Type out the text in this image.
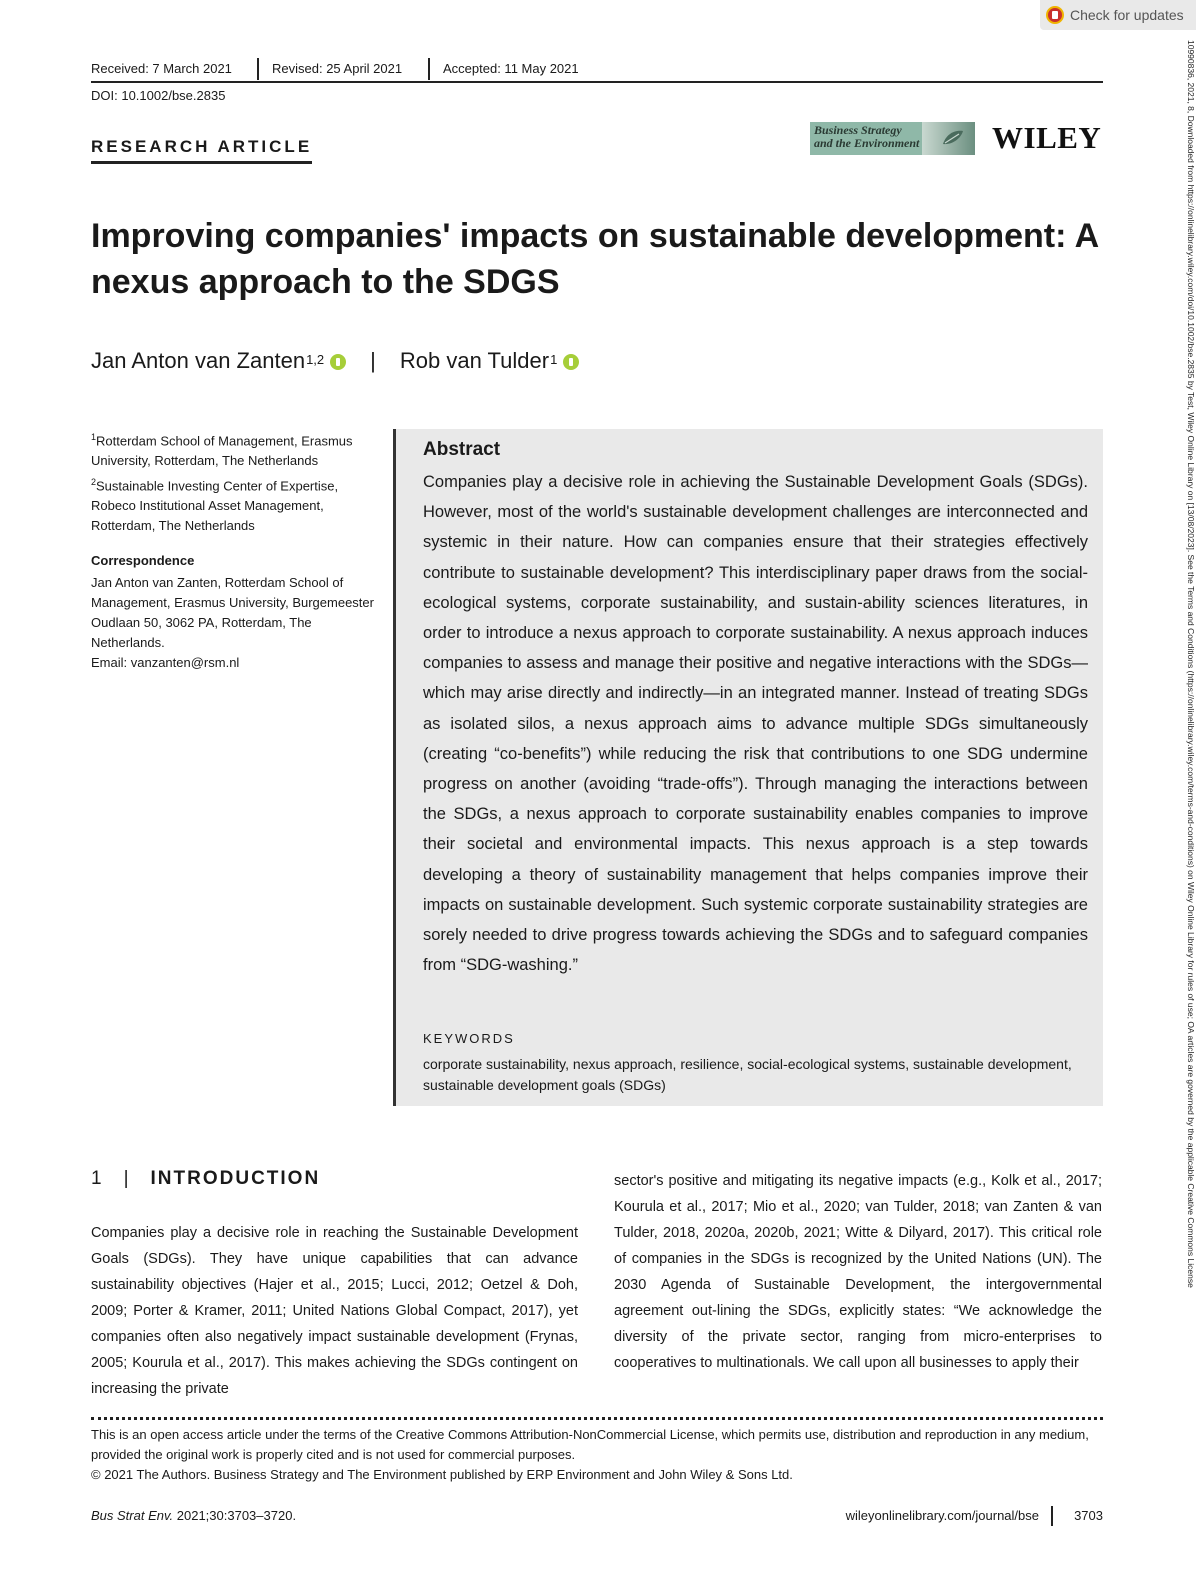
Check for updates
Received: 7 March 2021	Revised: 25 April 2021	Accepted: 11 May 2021
DOI: 10.1002/bse.2835
RESEARCH ARTICLE
Business Strategy
and the Environment	WILEY
Improving companies' impacts on sustainable development: A nexus approach to the SDGS
Jan Anton van Zanten$^{1,2}$ | Rob van Tulder$^1$
$^1$Rotterdam School of Management, Erasmus University, Rotterdam, The Netherlands
$^2$Sustainable Investing Center of Expertise, Robeco Institutional Asset Management, Rotterdam, The Netherlands
Correspondence
Jan Anton van Zanten, Rotterdam School of Management, Erasmus University, Burgemeester Oudlaan 50, 3062 PA, Rotterdam, The Netherlands.
Email: vanzanten@rsm.nl
Abstract
Companies play a decisive role in achieving the Sustainable Development Goals (SDGs). However, most of the world's sustainable development challenges are interconnected and systemic in their nature. How can companies ensure that their strategies effectively contribute to sustainable development? This interdisciplinary paper draws from the social-ecological systems, corporate sustainability, and sustain-ability sciences literatures, in order to introduce a nexus approach to corporate sustainability. A nexus approach induces companies to assess and manage their positive and negative interactions with the SDGs—which may arise directly and indirectly—in an integrated manner. Instead of treating SDGs as isolated silos, a nexus approach aims to advance multiple SDGs simultaneously (creating “co-benefits”) while reducing the risk that contributions to one SDG undermine progress on another (avoiding “trade-offs”). Through managing the interactions between the SDGs, a nexus approach to corporate sustainability enables companies to improve their societal and environmental impacts. This nexus approach is a step towards developing a theory of sustainability management that helps companies improve their impacts on sustainable development. Such systemic corporate sustainability strategies are sorely needed to drive progress towards achieving the SDGs and to safeguard companies from “SDG-washing.”
KEYWORDS
corporate sustainability, nexus approach, resilience, social-ecological systems, sustainable development, sustainable development goals (SDGs)
1 | INTRODUCTION
Companies play a decisive role in reaching the Sustainable Development Goals (SDGs). They have unique capabilities that can advance sustainability objectives (Hajer et al., 2015; Lucci, 2012; Oetzel & Doh, 2009; Porter & Kramer, 2011; United Nations Global Compact, 2017), yet companies often also negatively impact sustainable development (Frynas, 2005; Kourula et al., 2017). This makes achieving the SDGs contingent on increasing the private
sector's positive and mitigating its negative impacts (e.g., Kolk et al., 2017; Kourula et al., 2017; Mio et al., 2020; van Tulder, 2018; van Zanten & van Tulder, 2018, 2020a, 2020b, 2021; Witte & Dilyard, 2017). This critical role of companies in the SDGs is recognized by the United Nations (UN). The 2030 Agenda of Sustainable Development, the intergovernmental agreement out-lining the SDGs, explicitly states: “We acknowledge the diversity of the private sector, ranging from micro-enterprises to cooperatives to multinationals. We call upon all businesses to apply their
This is an open access article under the terms of the Creative Commons Attribution-NonCommercial License, which permits use, distribution and reproduction in any medium, provided the original work is properly cited and is not used for commercial purposes.
© 2021 The Authors. Business Strategy and The Environment published by ERP Environment and John Wiley & Sons Ltd.
Bus Strat Env. 2021;30:3703–3720.	wileyonlinelibrary.com/journal/bse	3703
10990836, 2021, 8, Downloaded from https://onlinelibrary.wiley.com/doi/10.1002/bse.2835 by Test, Wiley Online Library on [13/08/2023]. See the Terms and Conditions (https://onlinelibrary.wiley.com/terms-and-conditions) on Wiley Online Library for rules of use; OA articles are governed by the applicable Creative Commons License
